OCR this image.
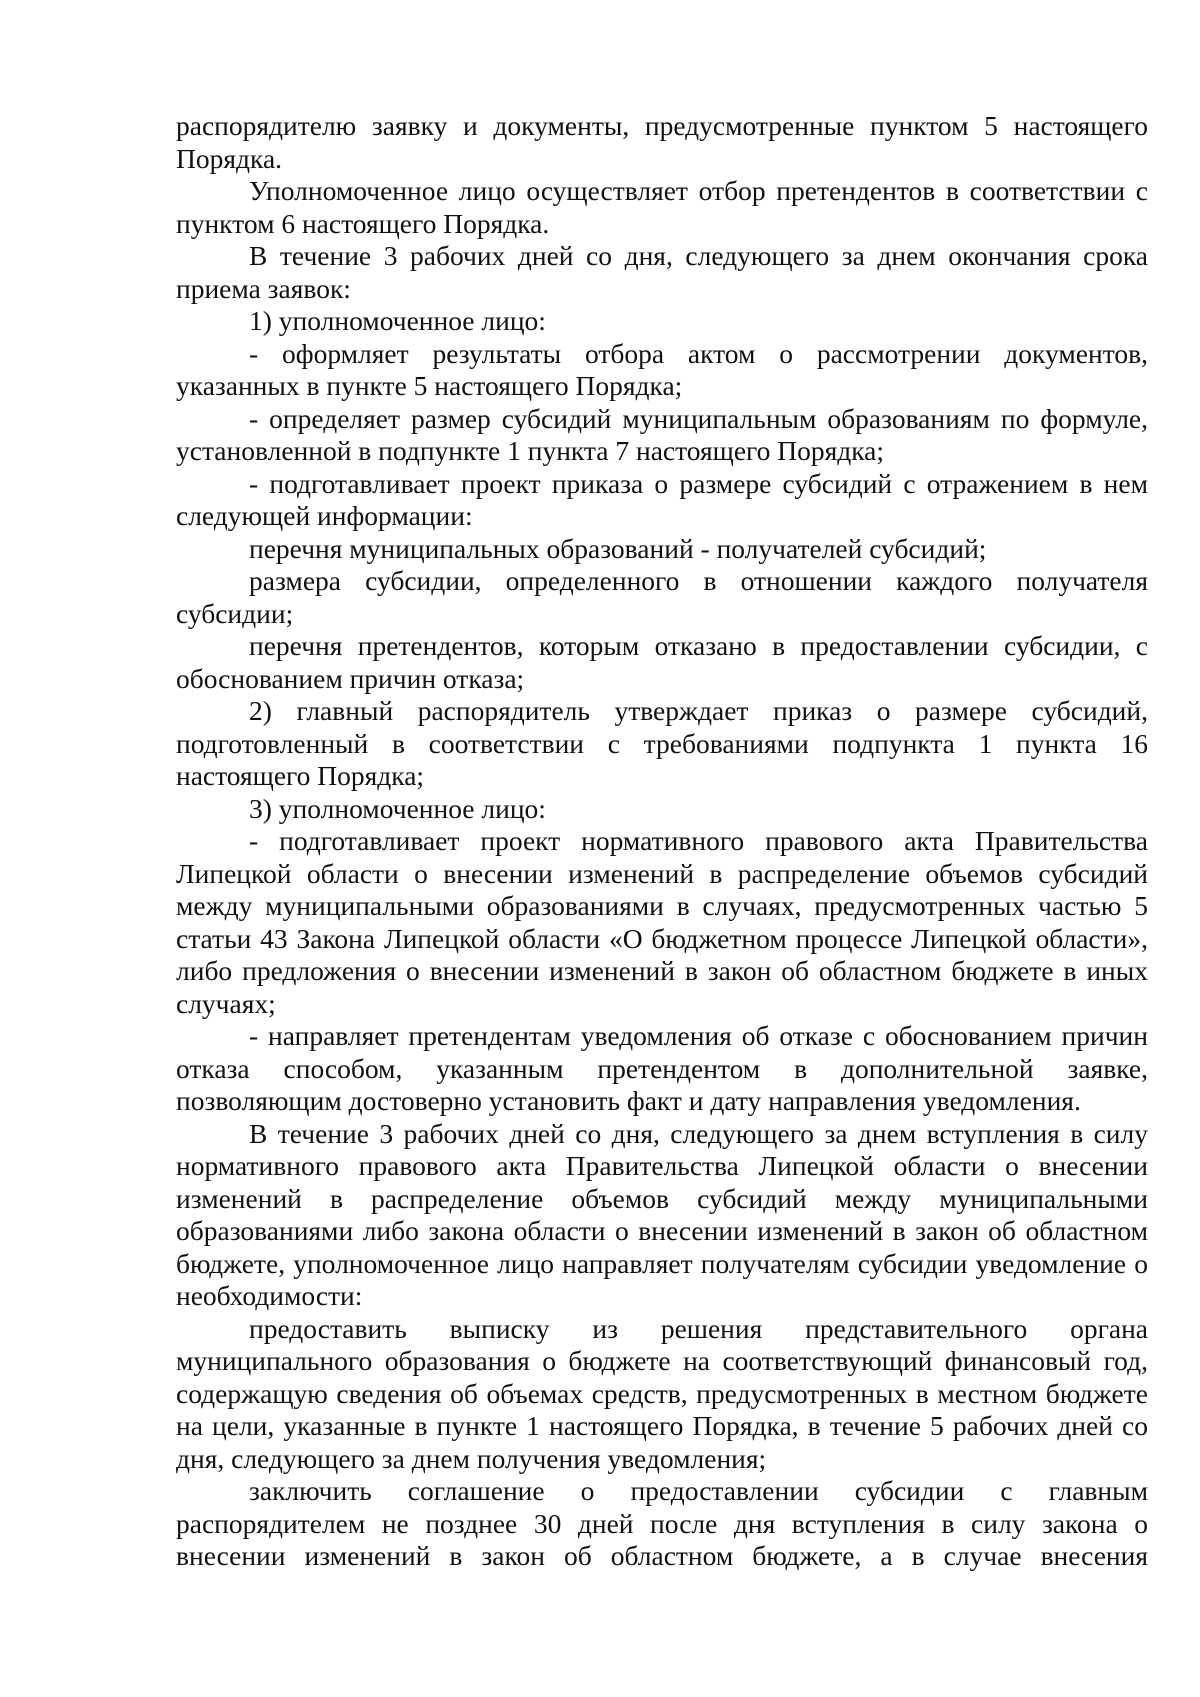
распорядителю заявку и документы, предусмотренные пунктом 5 настоящего Порядка.

Уполномоченное лицо осуществляет отбор претендентов в соответствии с пунктом 6 настоящего Порядка.

В течение 3 рабочих дней со дня, следующего за днем окончания срока приема заявок:

1) уполномоченное лицо:

- оформляет результаты отбора актом о рассмотрении документов, указанных в пункте 5 настоящего Порядка;

- определяет размер субсидий муниципальным образованиям по формуле, установленной в подпункте 1 пункта 7 настоящего Порядка;

- подготавливает проект приказа о размере субсидий с отражением в нем следующей информации:

перечня муниципальных образований - получателей субсидий;

размера субсидии, определенного в отношении каждого получателя субсидии;

перечня претендентов, которым отказано в предоставлении субсидии, с обоснованием причин отказа;

2) главный распорядитель утверждает приказ о размере субсидий, подготовленный в соответствии с требованиями подпункта 1 пункта 16 настоящего Порядка;

3) уполномоченное лицо:

- подготавливает проект нормативного правового акта Правительства Липецкой области о внесении изменений в распределение объемов субсидий между муниципальными образованиями в случаях, предусмотренных частью 5 статьи 43 Закона Липецкой области «О бюджетном процессе Липецкой области», либо предложения о внесении изменений в закон об областном бюджете в иных случаях;

- направляет претендентам уведомления об отказе с обоснованием причин отказа способом, указанным претендентом в дополнительной заявке, позволяющим достоверно установить факт и дату направления уведомления.

В течение 3 рабочих дней со дня, следующего за днем вступления в силу нормативного правового акта Правительства Липецкой области о внесении изменений в распределение объемов субсидий между муниципальными образованиями либо закона области о внесении изменений в закон об областном бюджете, уполномоченное лицо направляет получателям субсидии уведомление о необходимости:

предоставить выписку из решения представительного органа муниципального образования о бюджете на соответствующий финансовый год, содержащую сведения об объемах средств, предусмотренных в местном бюджете на цели, указанные в пункте 1 настоящего Порядка, в течение 5 рабочих дней со дня, следующего за днем получения уведомления;

заключить соглашение о предоставлении субсидии с главным распорядителем не позднее 30 дней после дня вступления в силу закона о внесении изменений в закон об областном бюджете, а в случае внесения
